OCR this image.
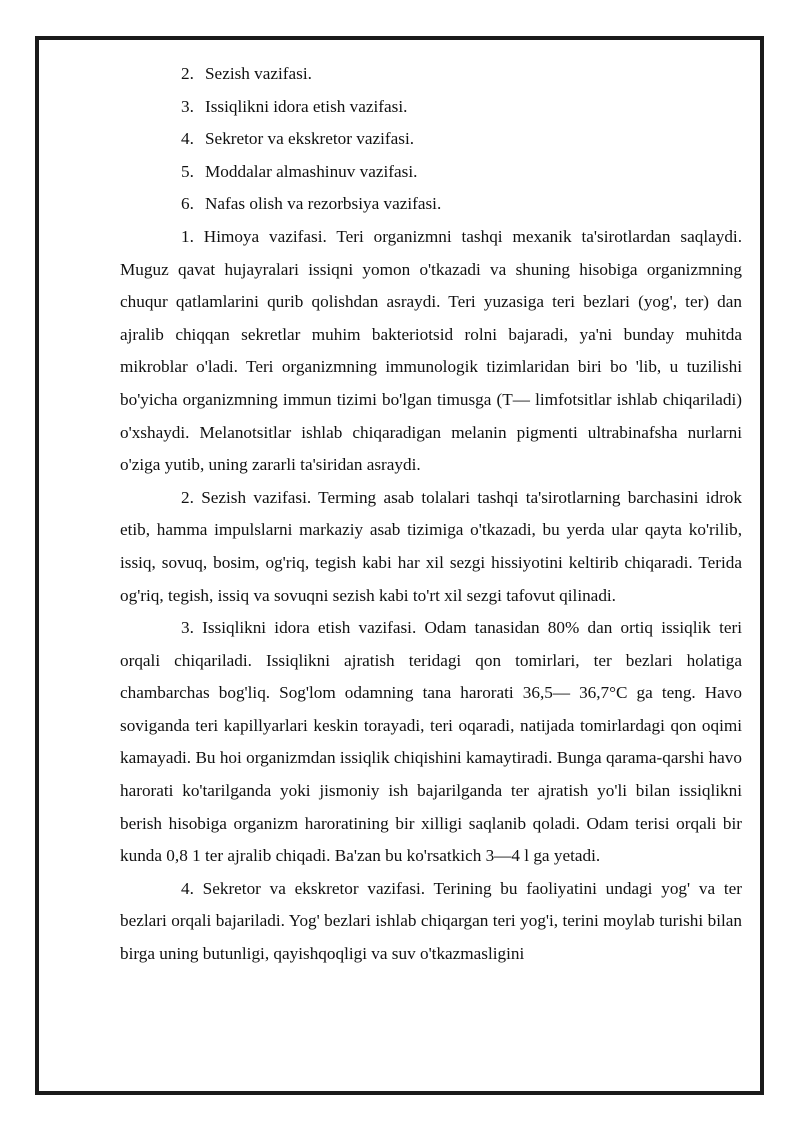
2. Sezish vazifasi.
3. Issiqlikni idora etish vazifasi.
4. Sekretor va ekskretor vazifasi.
5. Moddalar almashinuv vazifasi.
6. Nafas olish va rezorbsiya vazifasi.

1. Himoya vazifasi. Teri organizmni tashqi mexanik ta'sirotlardan saqlaydi. Muguz qavat hujayralari issiqni yomon o'tkazadi va shuning hisobiga organizmning chuqur qatlamlarini qurib qolishdan asraydi. Teri yuzasiga teri bezlari (yog', ter) dan ajralib chiqqan sekretlar muhim bakteriotsid rolni bajaradi, ya'ni bunday muhitda mikroblar o'ladi. Teri organizmning immunologik tizimlaridan biri bo 'lib, u tuzilishi bo'yicha organizmning immun tizimi bo'lgan timusga (T— limfotsitlar ishlab chiqariladi) o'xshaydi. Melanotsitlar ishlab chiqaradigan melanin pigmenti ultrabinafsha nurlarni o'ziga yutib, uning zararli ta'siridan asraydi.

2. Sezish vazifasi. Terming asab tolalari tashqi ta'sirotlarning barchasini idrok etib, hamma impulslarni markaziy asab tizimiga o'tkazadi, bu yerda ular qayta ko'rilib, issiq, sovuq, bosim, og'riq, tegish kabi har xil sezgi hissiyotini keltirib chiqaradi. Terida og'riq, tegish, issiq va sovuqni sezish kabi to'rt xil sezgi tafovut qilinadi.

3. Issiqlikni idora etish vazifasi. Odam tanasidan 80% dan ortiq issiqlik teri orqali chiqariladi. Issiqlikni ajratish teridagi qon tomirlari, ter bezlari holatiga chambarchas bog'liq. Sog'lom odamning tana harorati 36,5— 36,7°C ga teng. Havo soviganda teri kapillyarlari keskin torayadi, teri oqaradi, natijada tomirlardagi qon oqimi kamayadi. Bu hoi organizmdan issiqlik chiqishini kamaytiradi. Bunga qarama-qarshi havo harorati ko'tarilganda yoki jismoniy ish bajarilganda ter ajratish yo'li bilan issiqlikni berish hisobiga organizm haroratining bir xilligi saqlanib qoladi. Odam terisi orqali bir kunda 0,8 1 ter ajralib chiqadi. Ba'zan bu ko'rsatkich 3—4 l ga yetadi.

4. Sekretor va ekskretor vazifasi. Terining bu faoliyatini undagi yog' va ter bezlari orqali bajariladi. Yog' bezlari ishlab chiqargan teri yog'i, terini moylab turishi bilan birga uning butunligi, qayishqoqligi va suv o'tkazmasligini
